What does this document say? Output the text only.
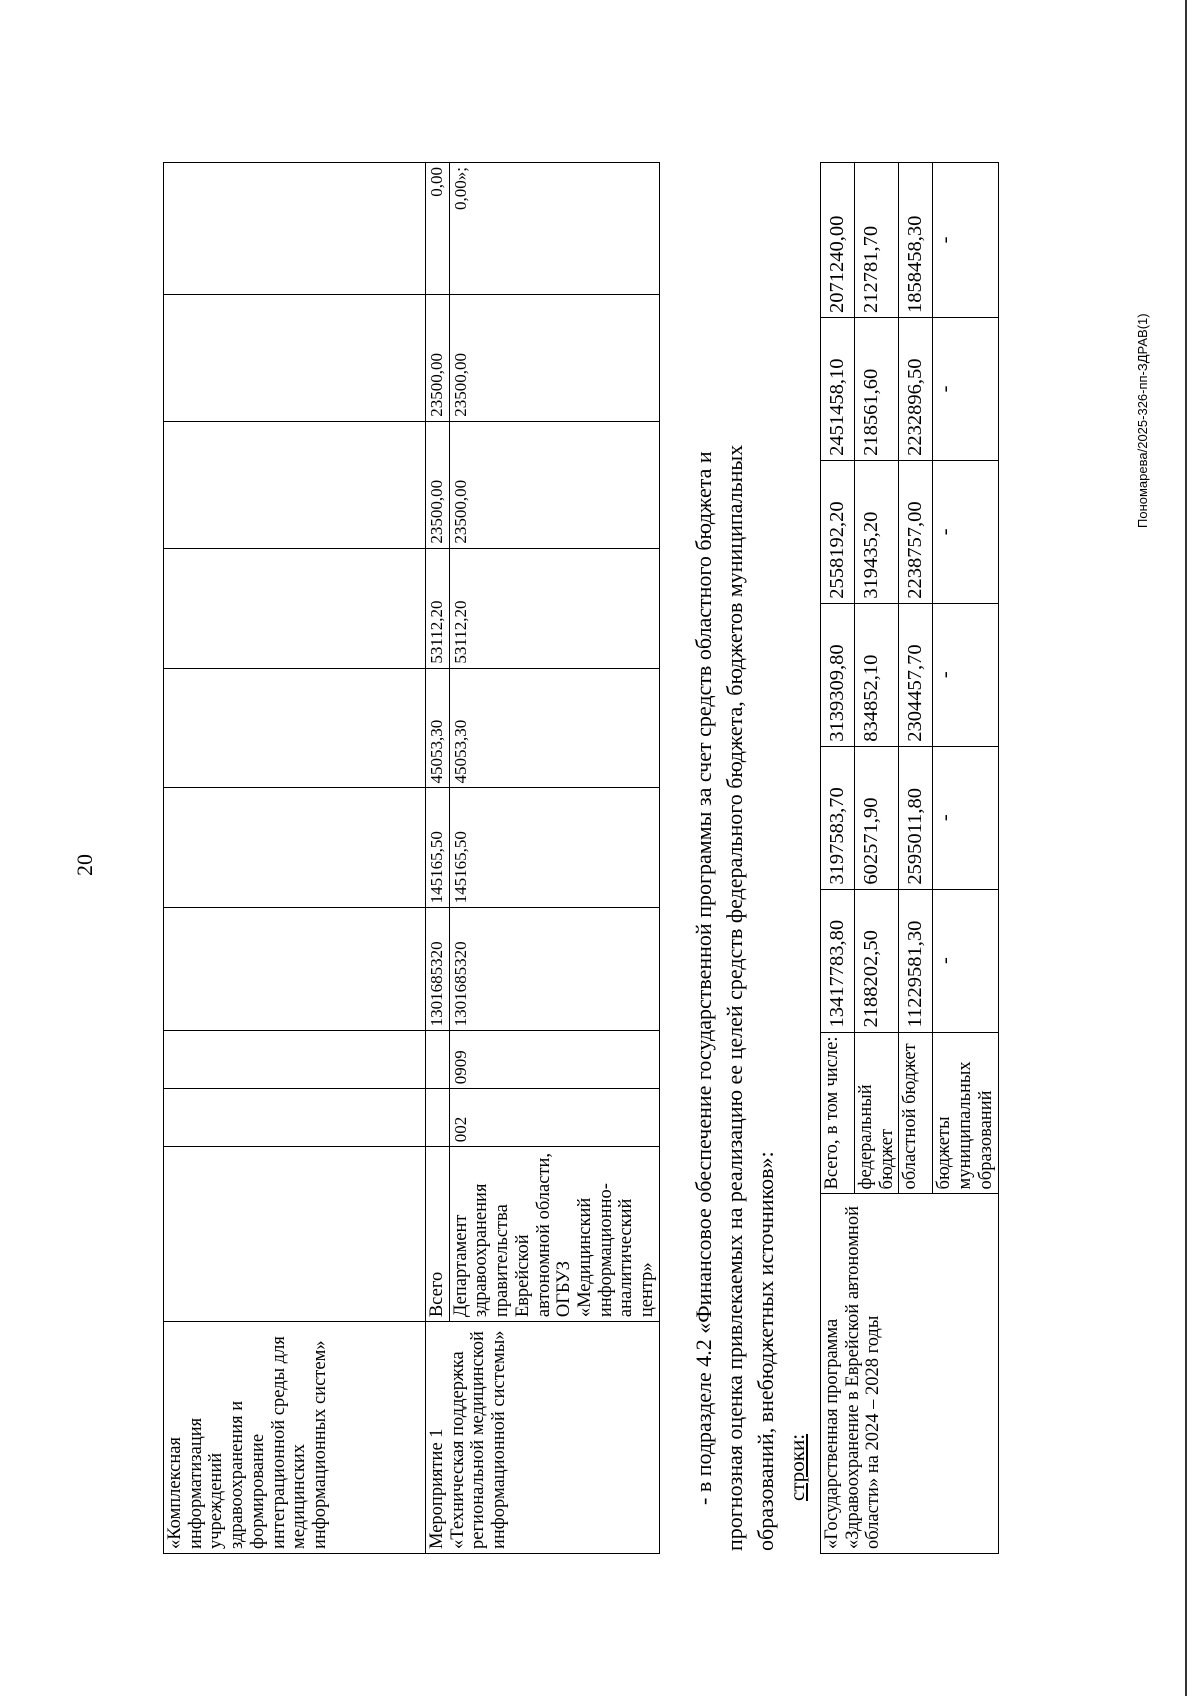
20
«Комплексная информатизация учреждений здравоохранения и формирование интеграционной среды для медицинских информационных систем»										
Мероприятие 1 «Техническая поддержка региональной медицинской информационной системы»	Всего			1301685320	145165,50	45053,30	53112,20	23500,00	23500,00	0,00
	Департамент здравоохранения правительства Еврейской автономной области, ОГБУЗ «Медицинский информационно-аналитический центр»	002	0909	1301685320	145165,50	45053,30	53112,20	23500,00	23500,00	0,00»;

- в подразделе 4.2 «Финансовое обеспечение государственной программы за счет средств областного бюджета и прогнозная оценка привлекаемых на реализацию ее целей средств федерального бюджета, бюджетов муниципальных образований, внебюджетных источников»: строки: «Государственная программа «Здравоохранение в Еврейской автономной области» на 2024 – 2028 годы	Всего, в том числе:	13417783,80	3197583,70	3139309,80	2558192,20	2451458,10	2071240,00
	федеральный бюджет	2188202,50	602571,90	834852,10	319435,20	218561,60	212781,70
	областной бюджет	11229581,30	2595011,80	2304457,70	2238757,00	2232896,50	1858458,30
	бюджеты муниципальных образований	-	-	-	-	-	-
Пономарева/2025-326-пп-ЗДРАВ(1)
